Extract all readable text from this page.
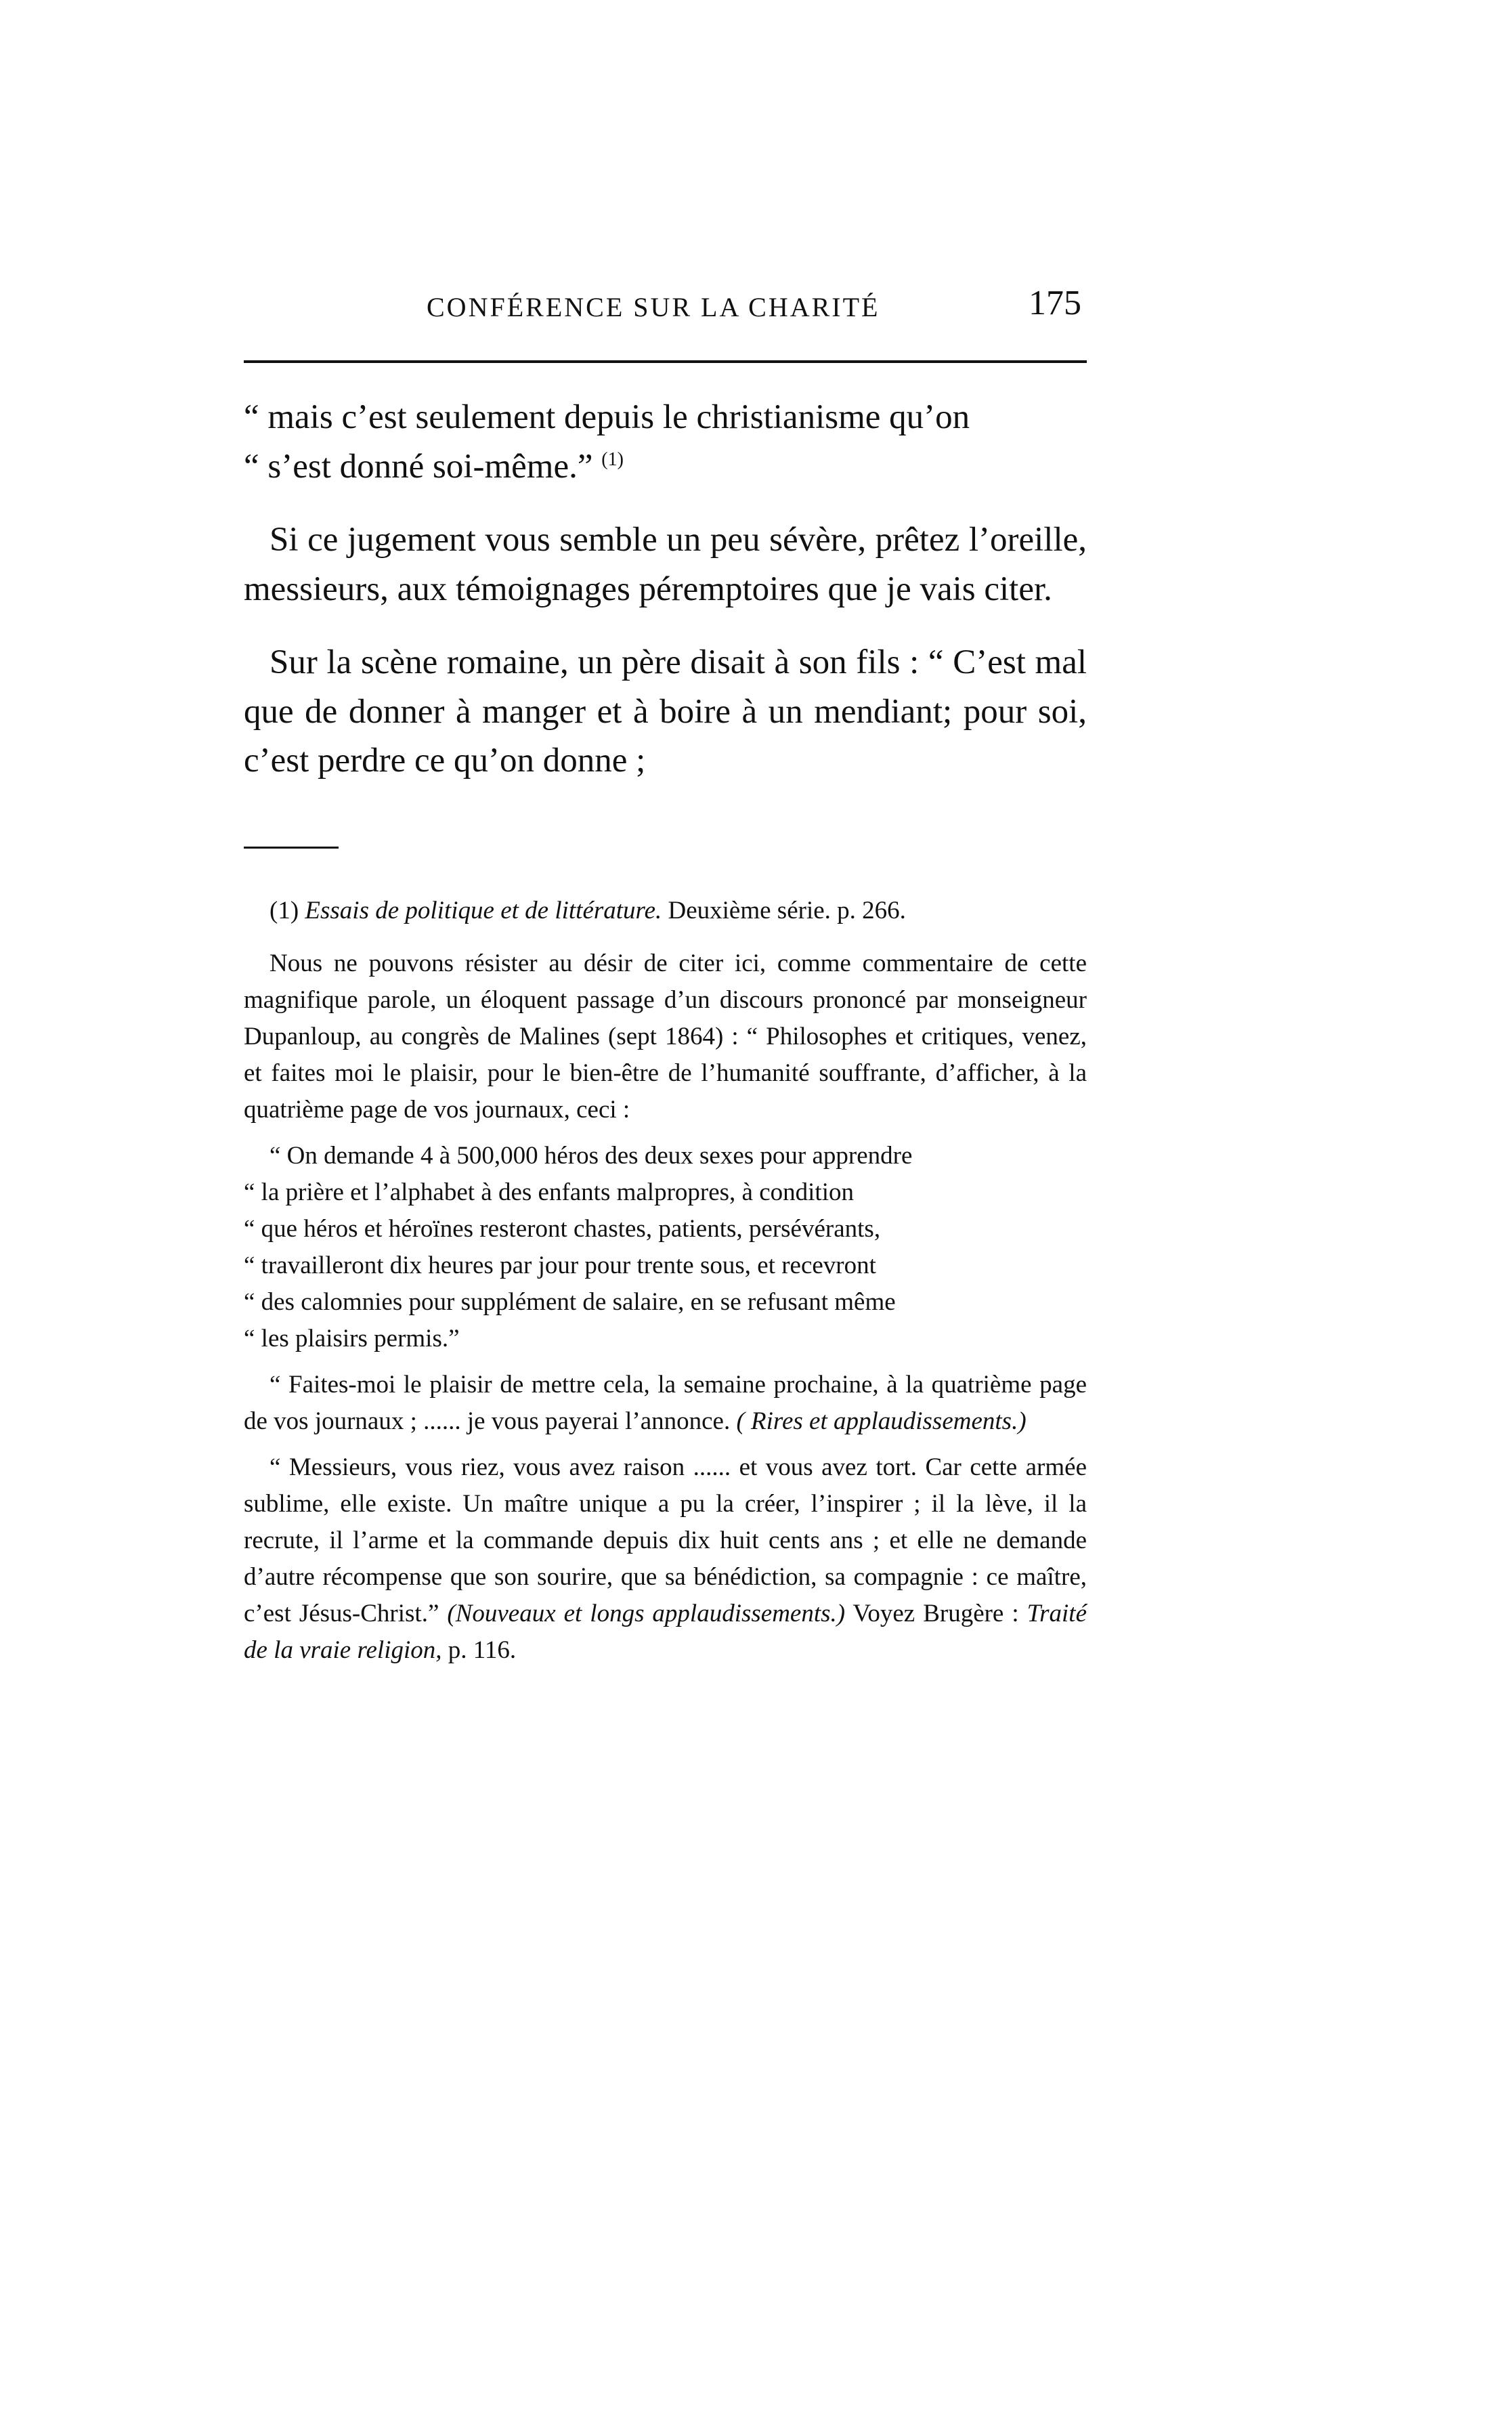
CONFÉRENCE SUR LA CHARITÉ	175

“ mais c’est seulement depuis le christianisme qu’on
“ s’est donné soi-même.” $^{(1)}$

Si ce jugement vous semble un peu sévère, prêtez l’oreille, messieurs, aux témoignages péremptoires que je vais citer.

Sur la scène romaine, un père disait à son fils : “ C’est mal que de donner à manger et à boire à un mendiant; pour soi, c’est perdre ce qu’on donne ;

(1) Essais de politique et de littérature. Deuxième série. p. 266.

Nous ne pouvons résister au désir de citer ici, comme commentaire de cette magnifique parole, un éloquent passage d’un discours prononcé par monseigneur Dupanloup, au congrès de Malines (sept 1864) : “ Philosophes et critiques, venez, et faites moi le plaisir, pour le bien-être de l’humanité souffrante, d’afficher, à la quatrième page de vos journaux, ceci :

“ On demande 4 à 500,000 héros des deux sexes pour apprendre
“ la prière et l’alphabet à des enfants malpropres, à condition
“ que héros et héroïnes resteront chastes, patients, persévérants,
“ travailleront dix heures par jour pour trente sous, et recevront
“ des calomnies pour supplément de salaire, en se refusant même
“ les plaisirs permis.”

“ Faites-moi le plaisir de mettre cela, la semaine prochaine, à la quatrième page de vos journaux ; ...... je vous payerai l’annonce. ( Rires et applaudissements.)

“ Messieurs, vous riez, vous avez raison ...... et vous avez tort. Car cette armée sublime, elle existe. Un maître unique a pu la créer, l’inspirer ; il la lève, il la recrute, il l’arme et la commande depuis dix huit cents ans ; et elle ne demande d’autre récompense que son sourire, que sa bénédiction, sa compagnie : ce maître, c’est Jésus-Christ.” (Nouveaux et longs applaudissements.) Voyez Brugère : Traité de la vraie religion, p. 116.
